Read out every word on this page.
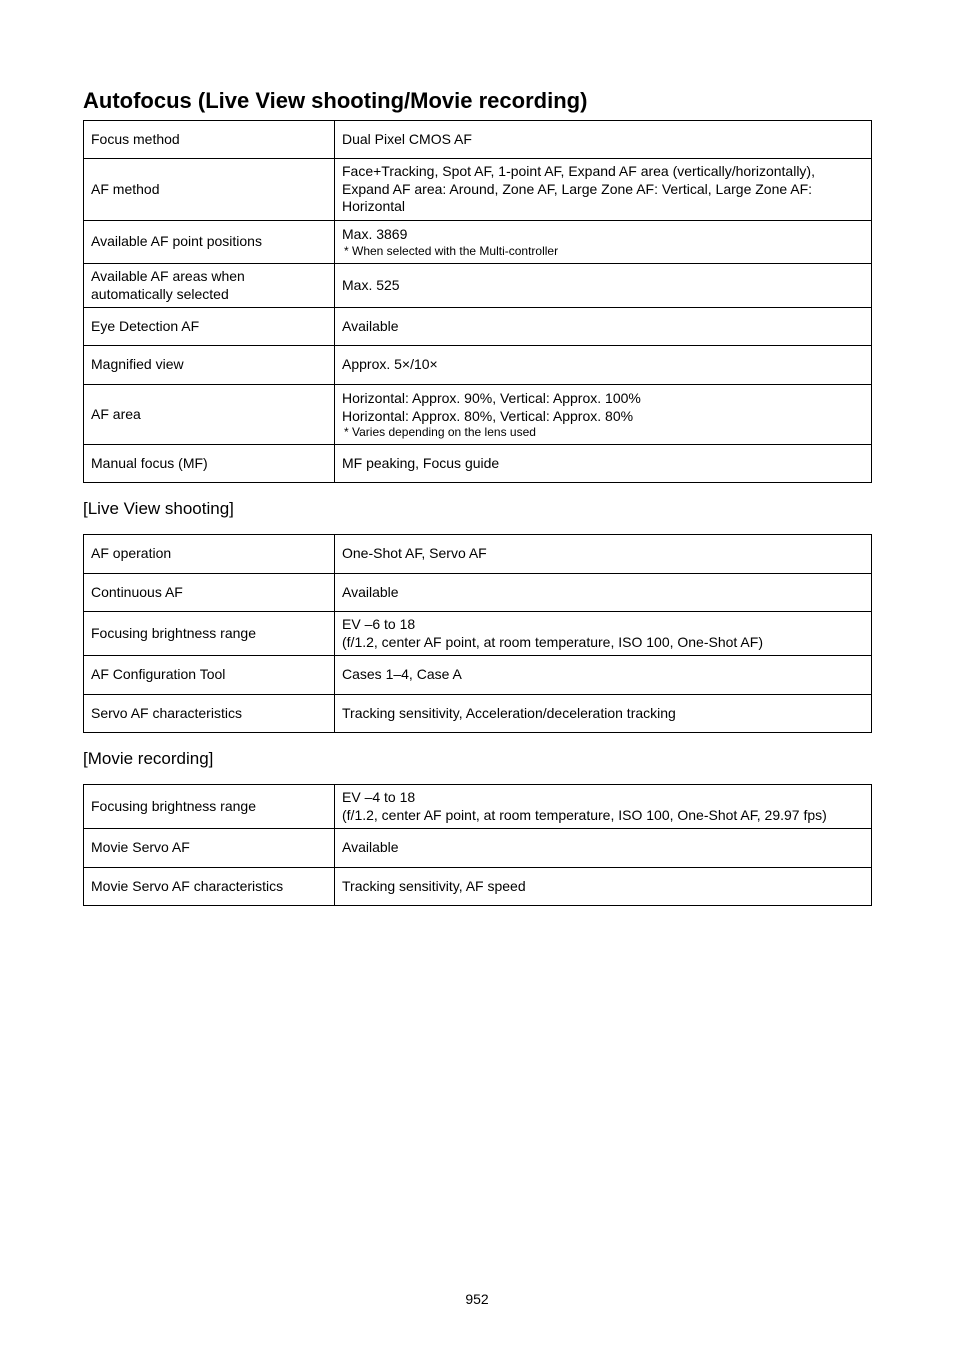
Autofocus (Live View shooting/Movie recording)
Focus method	Dual Pixel CMOS AF

AF method	Face+Tracking, Spot AF, 1-point AF, Expand AF area (vertically/horizontally), Expand AF area: Around, Zone AF, Large Zone AF: Vertical, Large Zone AF: Horizontal

Available AF point positions	Max. 3869
* When selected with the Multi-controller

Available AF areas when automatically selected	Max. 525

Eye Detection AF	Available

Magnified view	Approx. 5×/10×

AF area	Horizontal: Approx. 90%, Vertical: Approx. 100%
Horizontal: Approx. 80%, Vertical: Approx. 80%
* Varies depending on the lens used

Manual focus (MF)	MF peaking, Focus guide
[Live View shooting]
AF operation	One-Shot AF, Servo AF

Continuous AF	Available

Focusing brightness range	EV –6 to 18
(f/1.2, center AF point, at room temperature, ISO 100, One-Shot AF)

AF Configuration Tool	Cases 1–4, Case A

Servo AF characteristics	Tracking sensitivity, Acceleration/deceleration tracking
[Movie recording]
Focusing brightness range	EV –4 to 18
(f/1.2, center AF point, at room temperature, ISO 100, One-Shot AF, 29.97 fps)

Movie Servo AF	Available

Movie Servo AF characteristics	Tracking sensitivity, AF speed
952
